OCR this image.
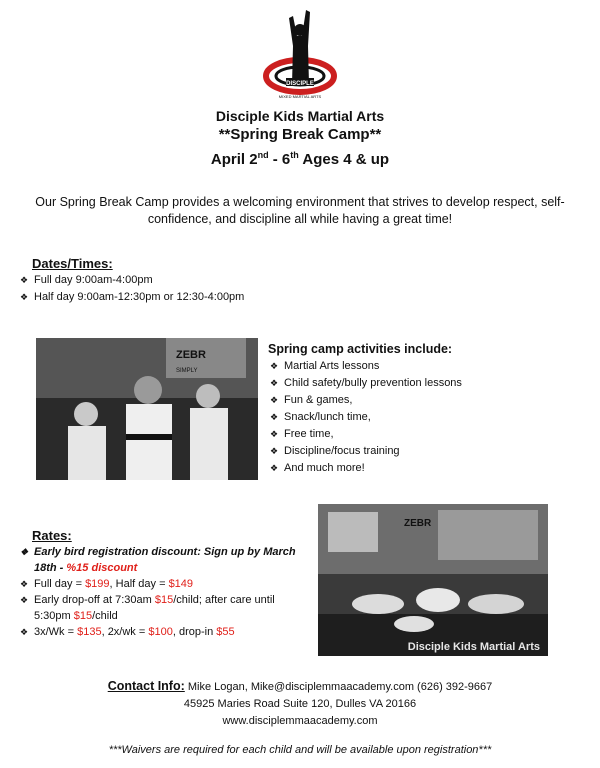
DISCIPLE
MIXED MARTIAL ARTS
Disciple Kids Martial Arts
**Spring Break Camp**
April 2nd - 6th Ages 4 & up
Our Spring Break Camp provides a welcoming environment that strives to develop respect, self-confidence, and discipline all while having a great time!
Dates/Times:
❖ Full day 9:00am-4:00pm
❖ Half day 9:00am-12:30pm or 12:30-4:00pm
ZEBR
SIMPLY
Spring camp activities include:
❖ Martial Arts lessons
❖ Child safety/bully prevention lessons
❖ Fun & games,
❖ Snack/lunch time,
❖ Free time,
❖ Discipline/focus training
❖ And much more!
Rates:
❖ Early bird registration discount: Sign up by March 18th - %15 discount
❖ Full day = $199, Half day = $149
❖ Early drop-off at 7:30am $15/child; after care until 5:30pm $15/child
❖ 3x/Wk = $135, 2x/wk = $100, drop-in $55
ZEBR
Disciple Kids Martial Arts
Contact Info: Mike Logan, Mike@disciplemmaacademy.com (626) 392-9667
45925 Maries Road Suite 120, Dulles VA 20166
www.disciplemmaacademy.com
***Waivers are required for each child and will be available upon registration***
